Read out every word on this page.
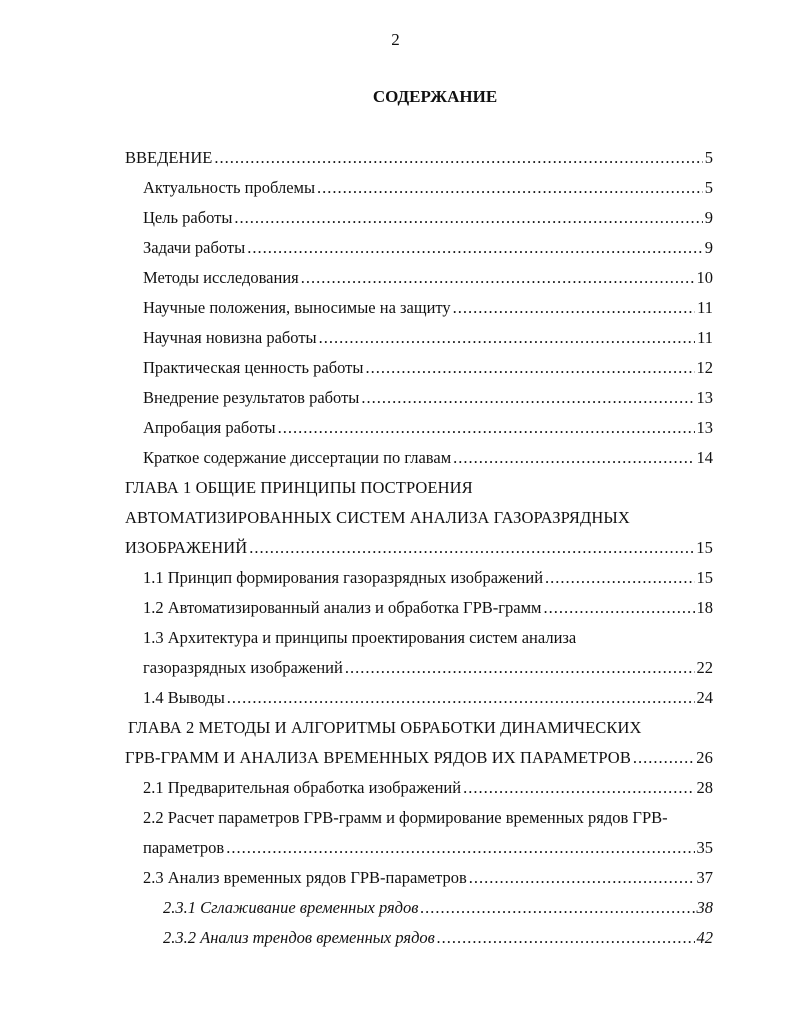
2
СОДЕРЖАНИЕ
ВВЕДЕНИЕ .....	5
Актуальность проблемы .....	5
Цель работы .....	9
Задачи работы .....	9
Методы исследования .....	10
Научные положения, выносимые на защиту .....	11
Научная новизна работы .....	11
Практическая ценность работы .....	12
Внедрение результатов работы .....	13
Апробация работы .....	13
Краткое содержание диссертации по главам .....	14
ГЛАВА 1 ОБЩИЕ ПРИНЦИПЫ ПОСТРОЕНИЯ
АВТОМАТИЗИРОВАННЫХ СИСТЕМ АНАЛИЗА ГАЗОРАЗРЯДНЫХ
ИЗОБРАЖЕНИЙ .....	15
1.1 Принцип формирования газоразрядных изображений .....	15
1.2 Автоматизированный анализ и обработка ГРВ-грамм .....	18
1.3 Архитектура и принципы проектирования систем анализа
газоразрядных изображений .....	22
1.4 Выводы .....	24
ГЛАВА 2 МЕТОДЫ И АЛГОРИТМЫ ОБРАБОТКИ ДИНАМИЧЕСКИХ
ГРВ-ГРАММ И АНАЛИЗА ВРЕМЕННЫХ РЯДОВ ИХ ПАРАМЕТРОВ .....	26
2.1 Предварительная обработка изображений .....	28
2.2 Расчет параметров ГРВ-грамм и формирование временных рядов ГРВ-
параметров .....	35
2.3 Анализ временных рядов ГРВ-параметров .....	37
2.3.1 Сглаживание временных рядов .....	38
2.3.2 Анализ трендов временных рядов .....	42
